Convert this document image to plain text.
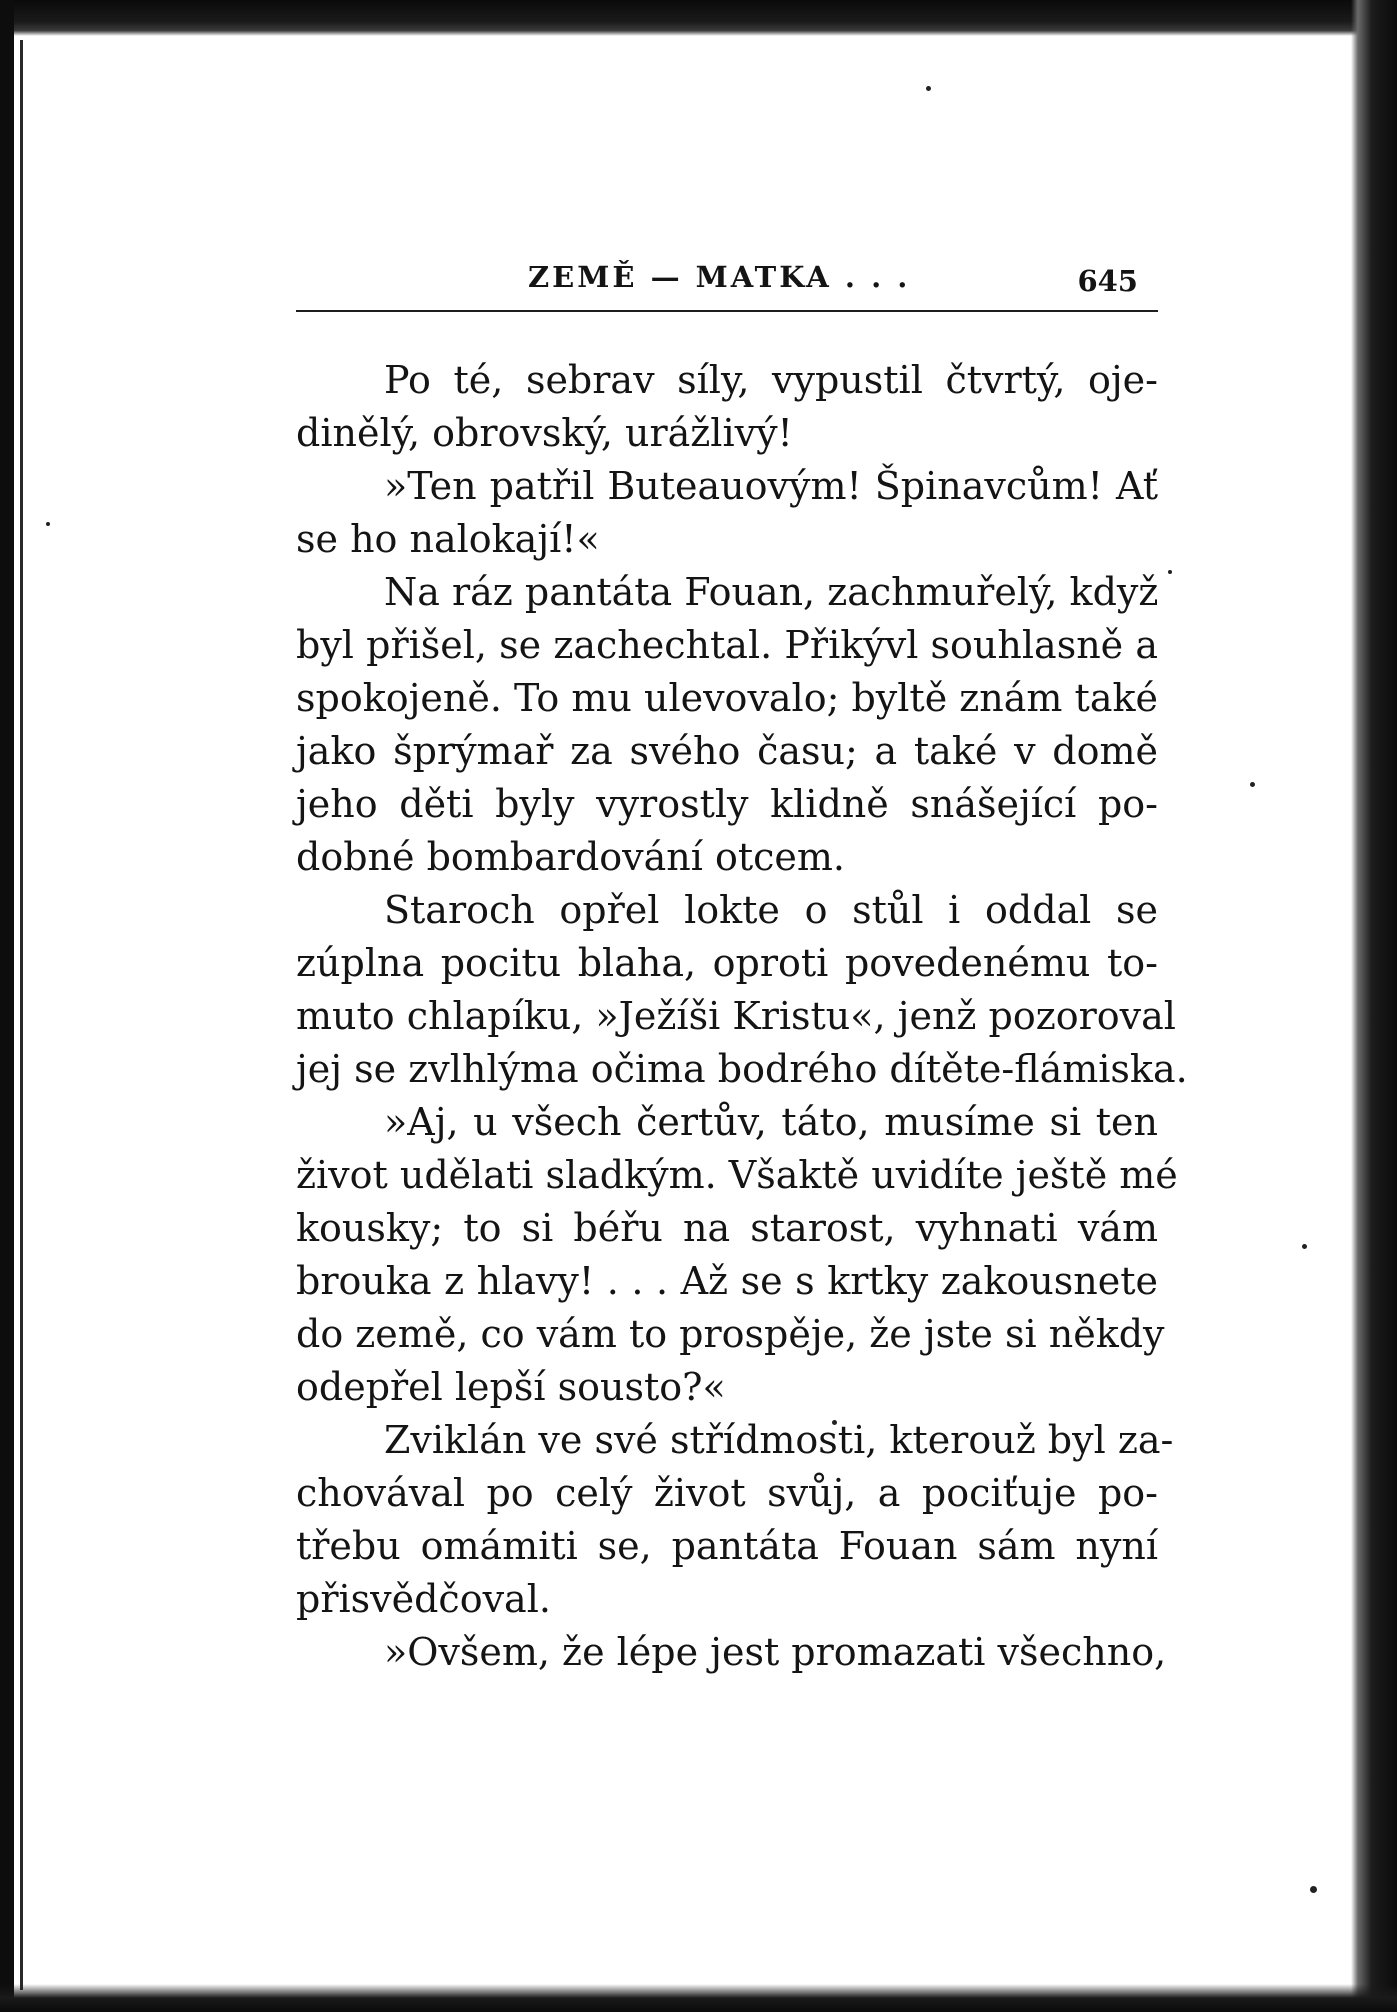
ZEMĚ — MATKA . . .	645
Po té, sebrav síly, vypustil čtvrtý, oje-
dinělý, obrovský, urážlivý!
»Ten patřil Buteauovým! Špinavcům! Ať
se ho nalokají!«
Na ráz pantáta Fouan, zachmuřelý, když
byl přišel, se zachechtal. Přikývl souhlasně a
spokojeně. To mu ulevovalo; byltě znám také
jako šprýmař za svého času; a také v domě
jeho děti byly vyrostly klidně snášející po-
dobné bombardování otcem.
Staroch opřel lokte o stůl i oddal se
zúplna pocitu blaha, oproti povedenému to-
muto chlapíku, »Ježíši Kristu«, jenž pozoroval
jej se zvlhlýma očima bodrého dítěte-flámiska.
»Aj, u všech čertův, táto, musíme si ten
život udělati sladkým. Všaktě uvidíte ještě mé
kousky; to si béřu na starost, vyhnati vám
brouka z hlavy! . . . Až se s krtky zakousnete
do země, co vám to prospěje, že jste si někdy
odepřel lepší sousto?«
Zviklán ve své střídmosti, kterouž byl za-
chovával po celý život svůj, a pociťuje po-
třebu omámiti se, pantáta Fouan sám nyní
přisvědčoval.
»Ovšem, že lépe jest promazati všechno,
